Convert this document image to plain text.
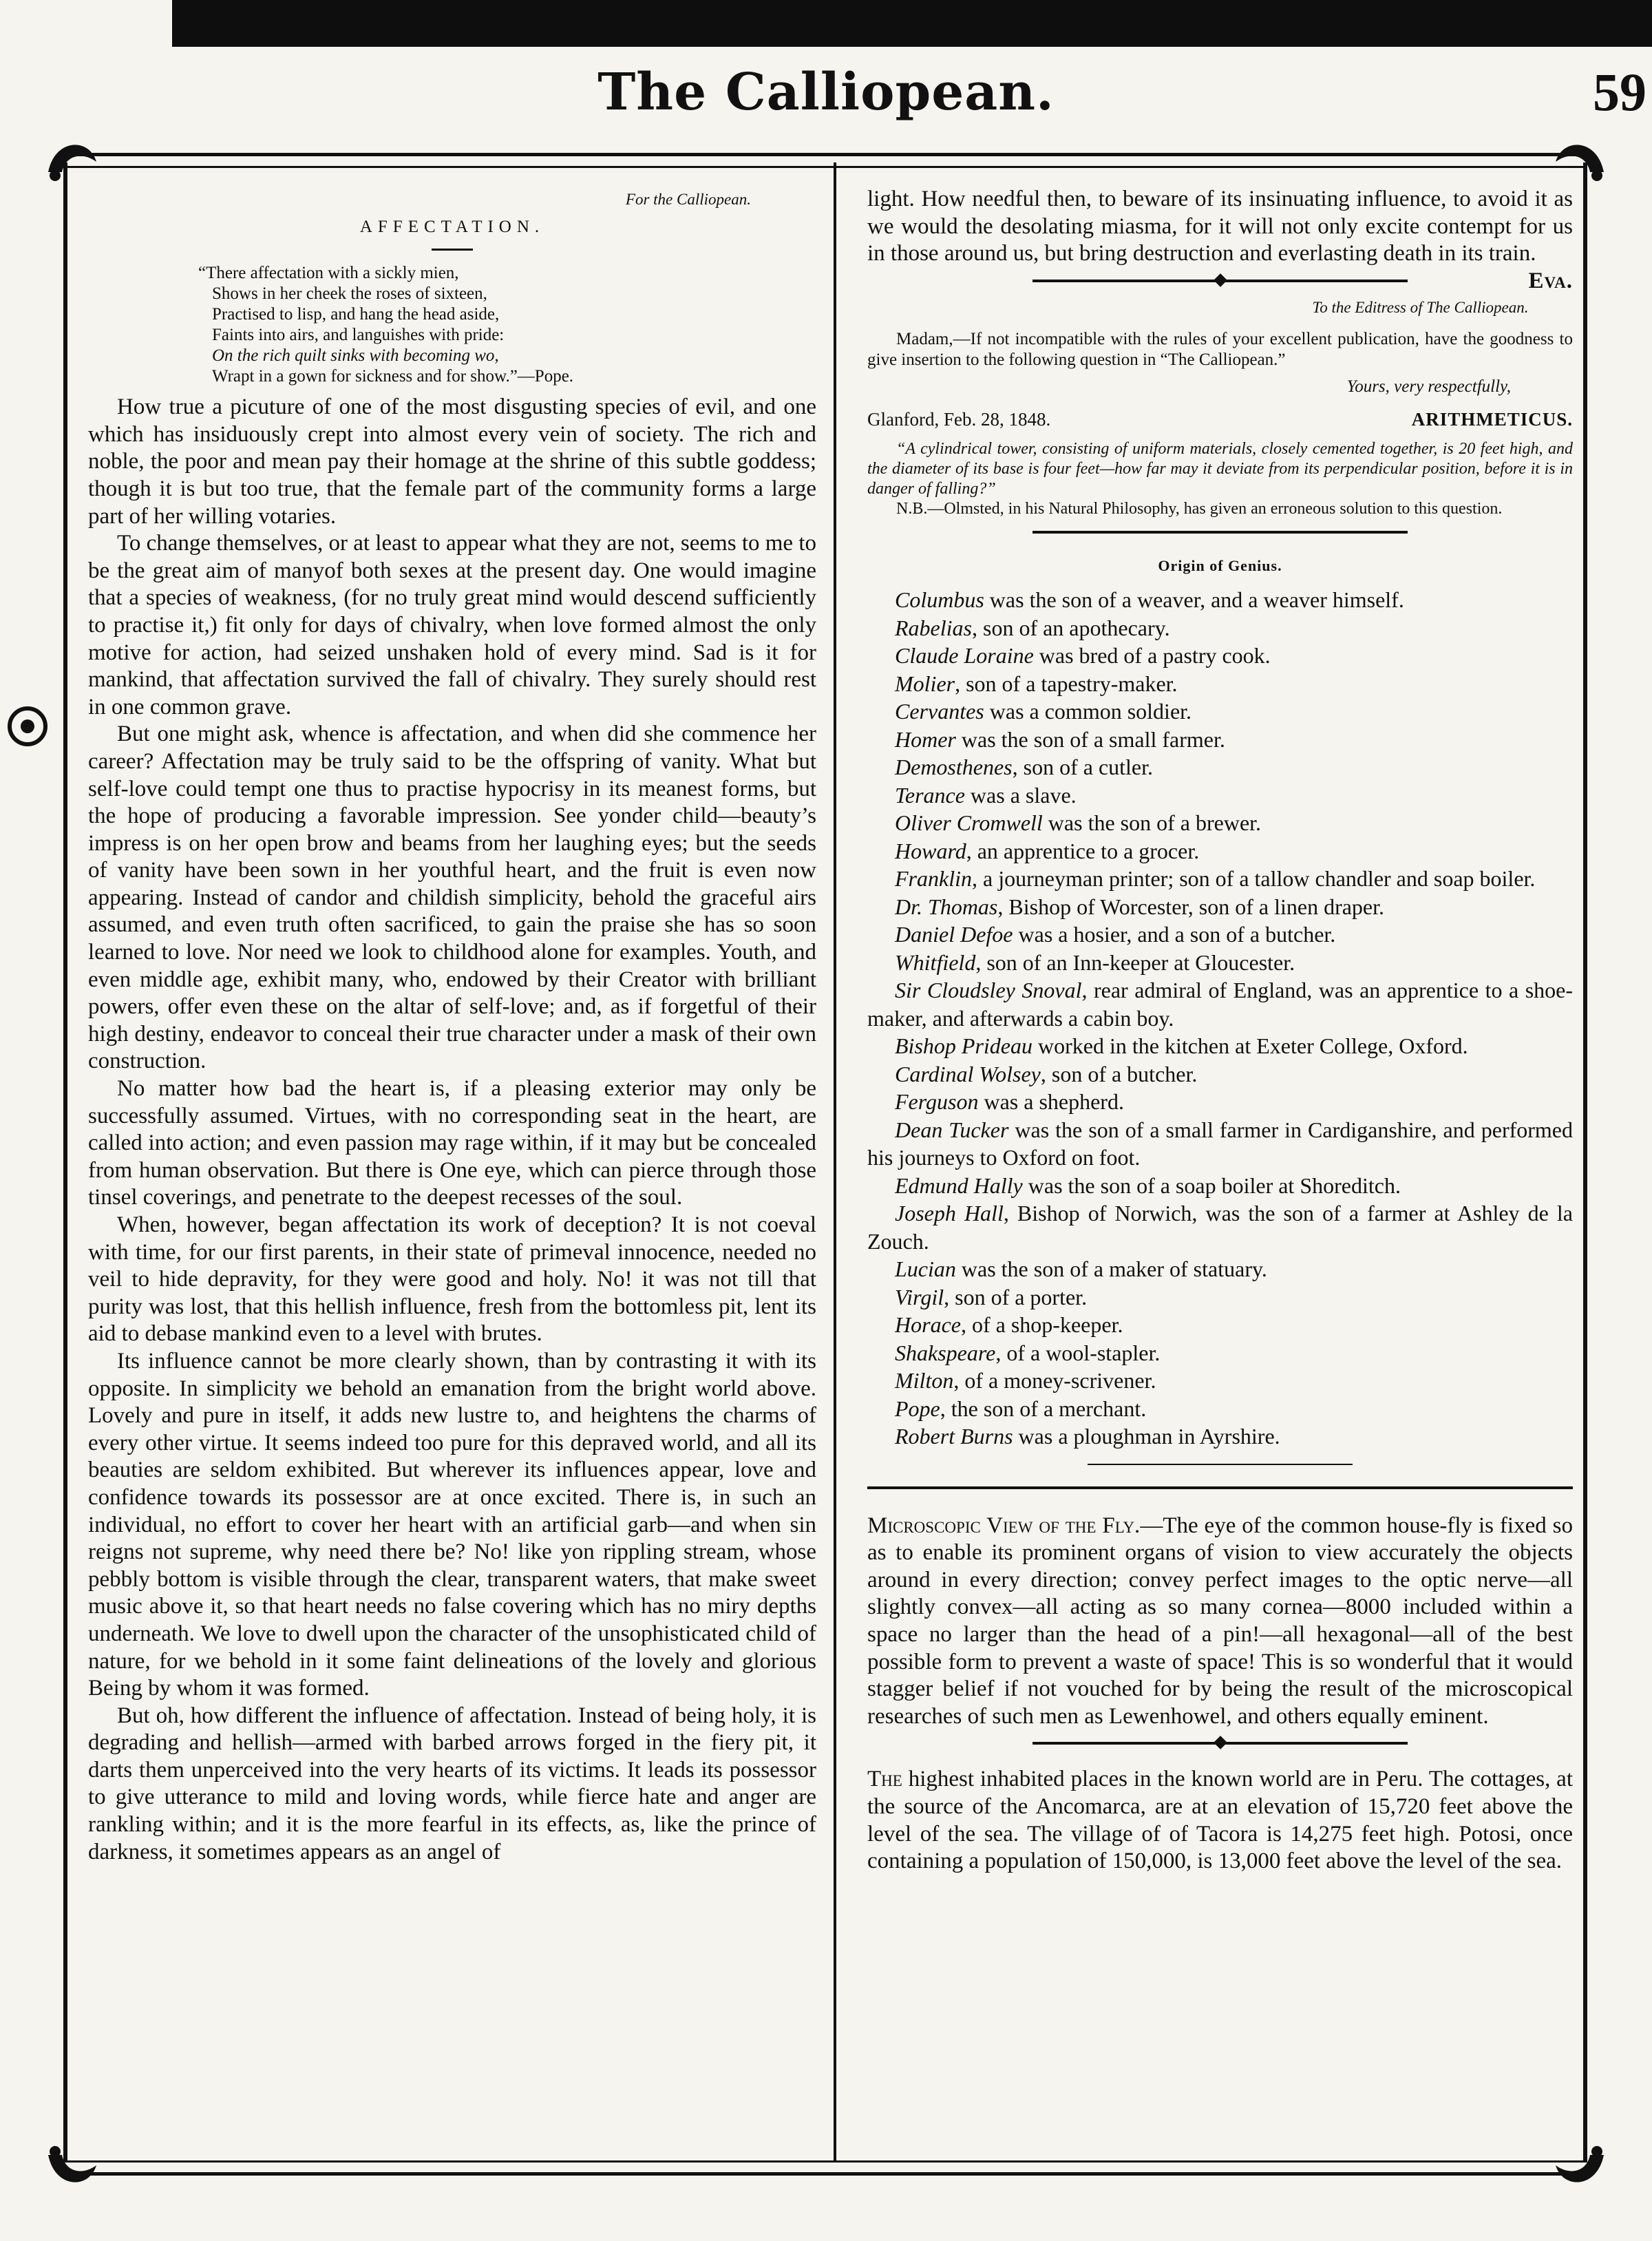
The Calliopean.	59

For the Calliopean.

AFFECTATION.
“There affectation with a sickly mien,
Shows in her cheek the roses of sixteen,
Practised to lisp, and hang the head aside,
Faints into airs, and languishes with pride:
On the rich quilt sinks with becoming wo,
Wrapt in a gown for sickness and for show.”—Pope.

How true a picuture of one of the most disgusting species of evil, and one which has insiduously crept into almost every vein of society. The rich and noble, the poor and mean pay their homage at the shrine of this subtle goddess; though it is but too true, that the female part of the community forms a large part of her willing votaries.

To change themselves, or at least to appear what they are not, seems to me to be the great aim of manyof both sexes at the present day. One would imagine that a species of weakness, (for no truly great mind would descend sufficiently to practise it,) fit only for days of chivalry, when love formed almost the only motive for action, had seized unshaken hold of every mind. Sad is it for mankind, that affectation survived the fall of chivalry. They surely should rest in one common grave.

But one might ask, whence is affectation, and when did she commence her career? Affectation may be truly said to be the offspring of vanity. What but self-love could tempt one thus to practise hypocrisy in its meanest forms, but the hope of producing a favorable impression. See yonder child—beauty’s impress is on her open brow and beams from her laughing eyes; but the seeds of vanity have been sown in her youthful heart, and the fruit is even now appearing. Instead of candor and childish simplicity, behold the graceful airs assumed, and even truth often sacrificed, to gain the praise she has so soon learned to love. Nor need we look to childhood alone for examples. Youth, and even middle age, exhibit many, who, endowed by their Creator with brilliant powers, offer even these on the altar of self-love; and, as if forgetful of their high destiny, endeavor to conceal their true character under a mask of their own construction.

No matter how bad the heart is, if a pleasing exterior may only be successfully assumed. Virtues, with no corresponding seat in the heart, are called into action; and even passion may rage within, if it may but be concealed from human observation. But there is One eye, which can pierce through those tinsel coverings, and penetrate to the deepest recesses of the soul.

When, however, began affectation its work of deception? It is not coeval with time, for our first parents, in their state of primeval innocence, needed no veil to hide depravity, for they were good and holy. No! it was not till that purity was lost, that this hellish influence, fresh from the bottomless pit, lent its aid to debase mankind even to a level with brutes.

Its influence cannot be more clearly shown, than by contrasting it with its opposite. In simplicity we behold an emanation from the bright world above. Lovely and pure in itself, it adds new lustre to, and heightens the charms of every other virtue. It seems indeed too pure for this depraved world, and all its beauties are seldom exhibited. But wherever its influences appear, love and confidence towards its possessor are at once excited. There is, in such an individual, no effort to cover her heart with an artificial garb—and when sin reigns not supreme, why need there be? No! like yon rippling stream, whose pebbly bottom is visible through the clear, transparent waters, that make sweet music above it, so that heart needs no false covering which has no miry depths underneath. We love to dwell upon the character of the unsophisticated child of nature, for we behold in it some faint delineations of the lovely and glorious Being by whom it was formed.

But oh, how different the influence of affectation. Instead of being holy, it is degrading and hellish—armed with barbed arrows forged in the fiery pit, it darts them unperceived into the very hearts of its victims. It leads its possessor to give utterance to mild and loving words, while fierce hate and anger are rankling within; and it is the more fearful in its effects, as, like the prince of darkness, it sometimes appears as an angel of

light. How needful then, to beware of its insinuating influence, to avoid it as we would the desolating miasma, for it will not only excite contempt for us in those around us, but bring destruction and everlasting death in its train.
Eva.

To the Editress of The Calliopean.

Madam,—If not incompatible with the rules of your excellent publication, have the goodness to give insertion to the following question in “The Calliopean.”

Yours, very respectfully,
Glanford, Feb. 28, 1848.	ARITHMETICUS.

“A cylindrical tower, consisting of uniform materials, closely cemented together, is 20 feet high, and the diameter of its base is four feet—how far may it deviate from its perpendicular position, before it is in danger of falling?”

N.B.—Olmsted, in his Natural Philosophy, has given an erroneous solution to this question.

Origin of Genius.
Columbus was the son of a weaver, and a weaver himself.
Rabelias, son of an apothecary.
Claude Loraine was bred of a pastry cook.
Molier, son of a tapestry-maker.
Cervantes was a common soldier.
Homer was the son of a small farmer.
Demosthenes, son of a cutler.
Terance was a slave.
Oliver Cromwell was the son of a brewer.
Howard, an apprentice to a grocer.
Franklin, a journeyman printer; son of a tallow chandler and soap boiler.
Dr. Thomas, Bishop of Worcester, son of a linen draper.
Daniel Defoe was a hosier, and a son of a butcher.
Whitfield, son of an Inn-keeper at Gloucester.
Sir Cloudsley Snoval, rear admiral of England, was an apprentice to a shoe-maker, and afterwards a cabin boy.
Bishop Prideau worked in the kitchen at Exeter College, Oxford.
Cardinal Wolsey, son of a butcher.
Ferguson was a shepherd.
Dean Tucker was the son of a small farmer in Cardiganshire, and performed his journeys to Oxford on foot.
Edmund Hally was the son of a soap boiler at Shoreditch.
Joseph Hall, Bishop of Norwich, was the son of a farmer at Ashley de la Zouch.
Lucian was the son of a maker of statuary.
Virgil, son of a porter.
Horace, of a shop-keeper.
Shakspeare, of a wool-stapler.
Milton, of a money-scrivener.
Pope, the son of a merchant.
Robert Burns was a ploughman in Ayrshire.

Microscopic View of the Fly.—The eye of the common house-fly is fixed so as to enable its prominent organs of vision to view accurately the objects around in every direction; convey perfect images to the optic nerve—all slightly convex—all acting as so many cornea—8000 included within a space no larger than the head of a pin!—all hexagonal—all of the best possible form to prevent a waste of space! This is so wonderful that it would stagger belief if not vouched for by being the result of the microscopical researches of such men as Lewenhowel, and others equally eminent.

The highest inhabited places in the known world are in Peru. The cottages, at the source of the Ancomarca, are at an elevation of 15,720 feet above the level of the sea. The village of of Tacora is 14,275 feet high. Potosi, once containing a population of 150,000, is 13,000 feet above the level of the sea.
